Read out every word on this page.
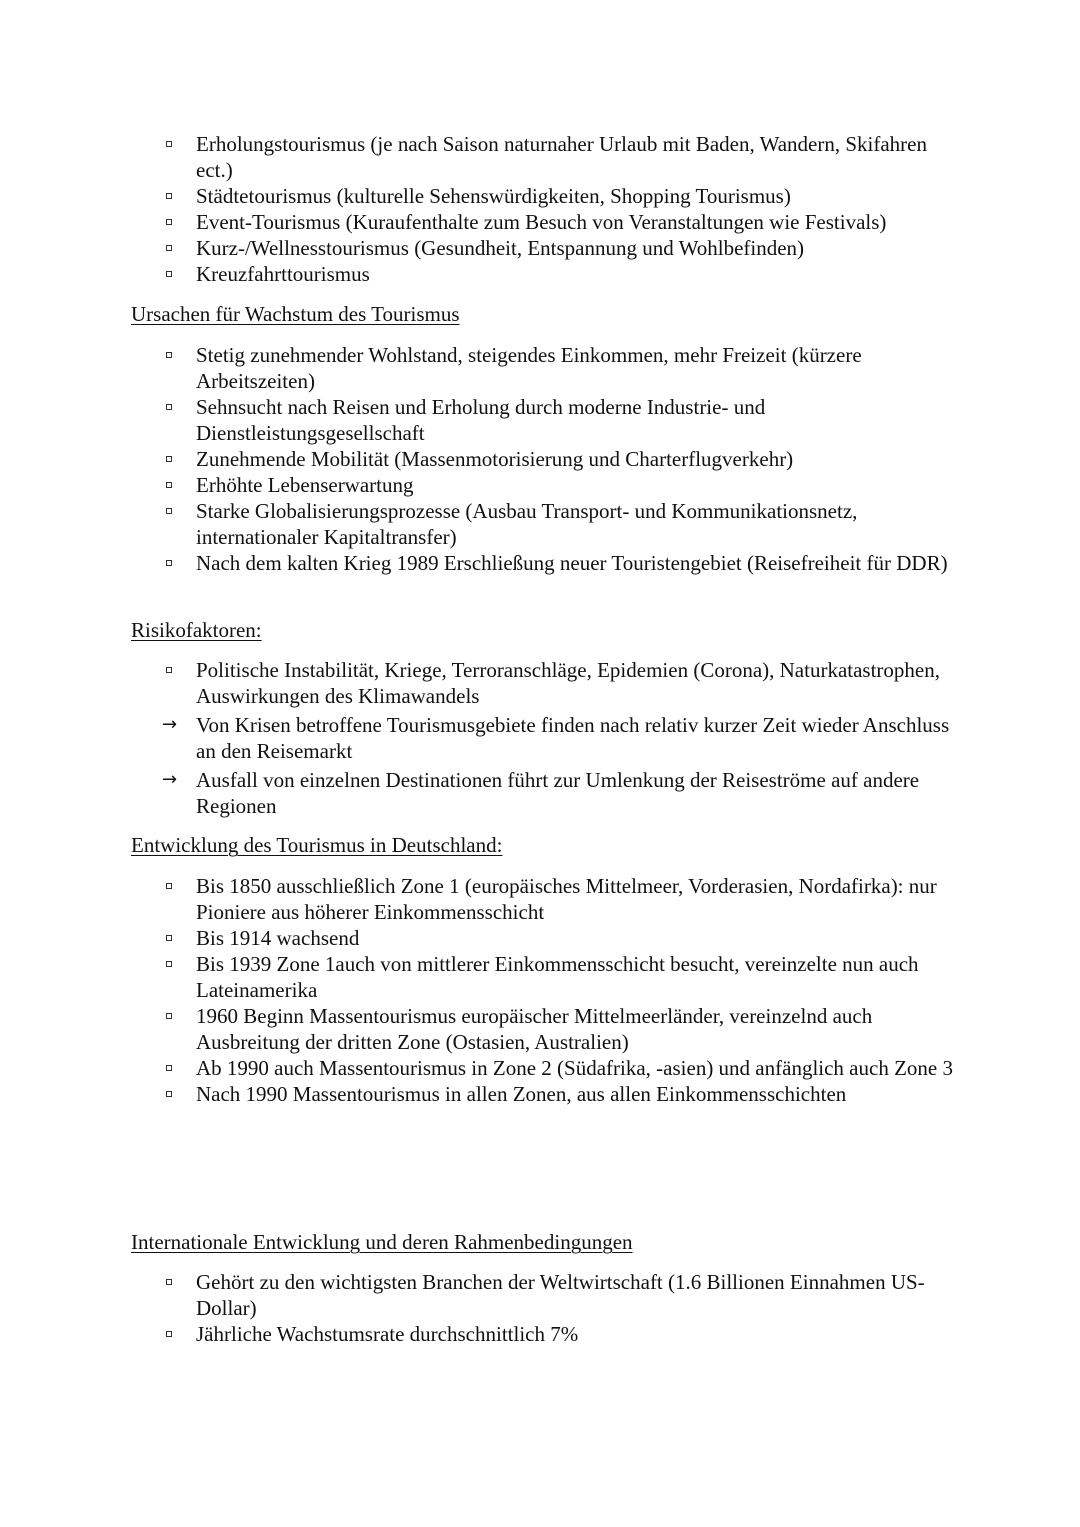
Erholungstourismus (je nach Saison naturnaher Urlaub mit Baden, Wandern, Skifahren ect.)
Städtetourismus (kulturelle Sehenswürdigkeiten, Shopping Tourismus)
Event-Tourismus (Kuraufenthalte zum Besuch von Veranstaltungen wie Festivals)
Kurz-/Wellnesstourismus (Gesundheit, Entspannung und Wohlbefinden)
Kreuzfahrttourismus
Ursachen für Wachstum des Tourismus
Stetig zunehmender Wohlstand, steigendes Einkommen, mehr Freizeit (kürzere Arbeitszeiten)
Sehnsucht nach Reisen und Erholung durch moderne Industrie- und Dienstleistungsgesellschaft
Zunehmende Mobilität (Massenmotorisierung und Charterflugverkehr)
Erhöhte Lebenserwartung
Starke Globalisierungsprozesse (Ausbau Transport- und Kommunikationsnetz, internationaler Kapitaltransfer)
Nach dem kalten Krieg 1989 Erschließung neuer Touristengebiet (Reisefreiheit für DDR)
Risikofaktoren:
Politische Instabilität, Kriege, Terroranschläge, Epidemien (Corona), Naturkatastrophen, Auswirkungen des Klimawandels
→ Von Krisen betroffene Tourismusgebiete finden nach relativ kurzer Zeit wieder Anschluss an den Reisemarkt
→ Ausfall von einzelnen Destinationen führt zur Umlenkung der Reiseströme auf andere Regionen
Entwicklung des Tourismus in Deutschland:
Bis 1850 ausschließlich Zone 1 (europäisches Mittelmeer, Vorderasien, Nordafirka): nur Pioniere aus höherer Einkommensschicht
Bis 1914 wachsend
Bis 1939 Zone 1auch von mittlerer Einkommensschicht besucht, vereinzelte nun auch Lateinamerika
1960 Beginn Massentourismus europäischer Mittelmeerländer, vereinzelnd auch Ausbreitung der dritten Zone (Ostasien, Australien)
Ab 1990 auch Massentourismus in Zone 2 (Südafrika, -asien) und anfänglich auch Zone 3
Nach 1990 Massentourismus in allen Zonen, aus allen Einkommensschichten
Internationale Entwicklung und deren Rahmenbedingungen
Gehört zu den wichtigsten Branchen der Weltwirtschaft (1.6 Billionen Einnahmen US-Dollar)
Jährliche Wachstumsrate durchschnittlich 7%
